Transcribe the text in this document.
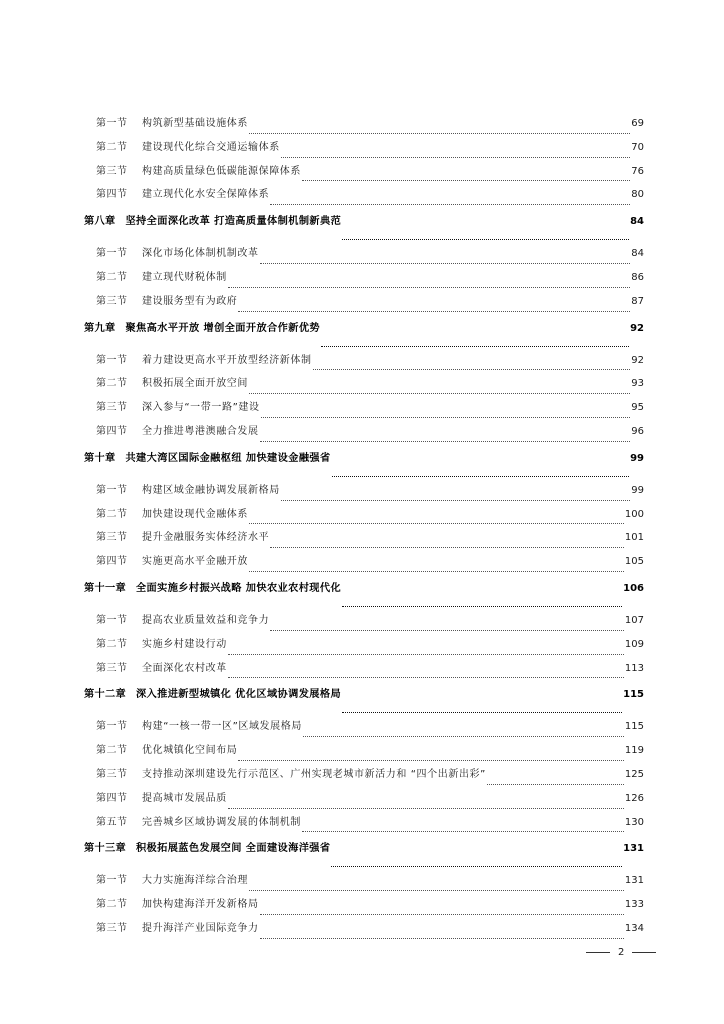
第一节	构筑新型基础设施体系	69
第二节	建设现代化综合交通运输体系	70
第三节	构建高质量绿色低碳能源保障体系	76
第四节	建立现代化水安全保障体系	80
第八章 坚持全面深化改革 打造高质量体制机制新典范	84
第一节	深化市场化体制机制改革	84
第二节	建立现代财税体制	86
第三节	建设服务型有为政府	87
第九章 聚焦高水平开放 增创全面开放合作新优势	92
第一节	着力建设更高水平开放型经济新体制	92
第二节	积极拓展全面开放空间	93
第三节	深入参与“一带一路”建设	95
第四节	全力推进粤港澳融合发展	96
第十章 共建大湾区国际金融枢纽 加快建设金融强省	99
第一节	构建区域金融协调发展新格局	99
第二节	加快建设现代金融体系	100
第三节	提升金融服务实体经济水平	101
第四节	实施更高水平金融开放	105
第十一章 全面实施乡村振兴战略 加快农业农村现代化	106
第一节	提高农业质量效益和竞争力	107
第二节	实施乡村建设行动	109
第三节	全面深化农村改革	113
第十二章 深入推进新型城镇化 优化区域协调发展格局	115
第一节	构建“一核一带一区”区域发展格局	115
第二节	优化城镇化空间布局	119
第三节	支持推动深圳建设先行示范区、广州实现老城市新活力和 “四个出新出彩”	125
第四节	提高城市发展品质	126
第五节	完善城乡区域协调发展的体制机制	130
第十三章 积极拓展蓝色发展空间 全面建设海洋强省	131
第一节	大力实施海洋综合治理	131
第二节	加快构建海洋开发新格局	133
第三节	提升海洋产业国际竞争力	134
2
